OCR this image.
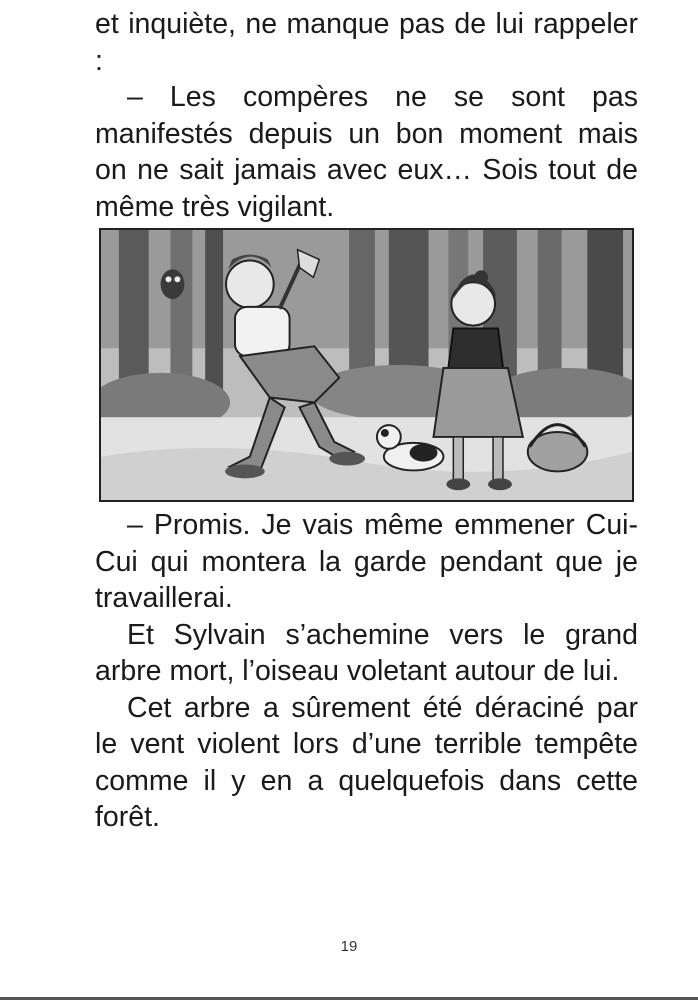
et inquiète, ne manque pas de lui rappeler :

– Les compères ne se sont pas manifestés depuis un bon moment mais on ne sait jamais avec eux… Sois tout de même très vigilant.

– Promis. Je vais même emmener Cui-Cui qui montera la garde pendant que je travaillerai.

Et Sylvain s’achemine vers le grand arbre mort, l’oiseau voletant autour de lui.

Cet arbre a sûrement été déraciné par le vent violent lors d’une terrible tempête comme il y en a quelquefois dans cette forêt.

19
